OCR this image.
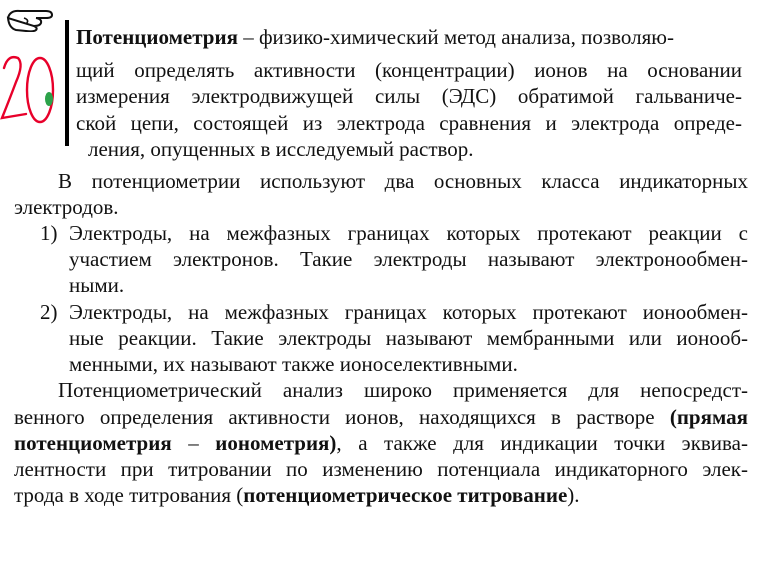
Потенциометрия – физико-химический метод анализа, позволяю-
щий определять активности (концентрации) ионов на основании
измерения электродвижущей силы (ЭДС) обратимой гальваниче-
ской цепи, состоящей из электрода сравнения и электрода опреде-
ления, опущенных в исследуемый раствор.
В потенциометрии используют два основных класса индикаторных
электродов.
1) Электроды, на межфазных границах которых протекают реакции с
участием электронов. Такие электроды называют электронообмен-
ными.
2) Электроды, на межфазных границах которых протекают ионообмен-
ные реакции. Такие электроды называют мембранными или ионооб-
менными, их называют также ионоселективными.
Потенциометрический анализ широко применяется для непосредст-
венного определения активности ионов, находящихся в растворе (прямая
потенциометрия – ионометрия), а также для индикации точки эквива-
лентности при титровании по изменению потенциала индикаторного элек-
трода в ходе титрования (потенциометрическое титрование).
